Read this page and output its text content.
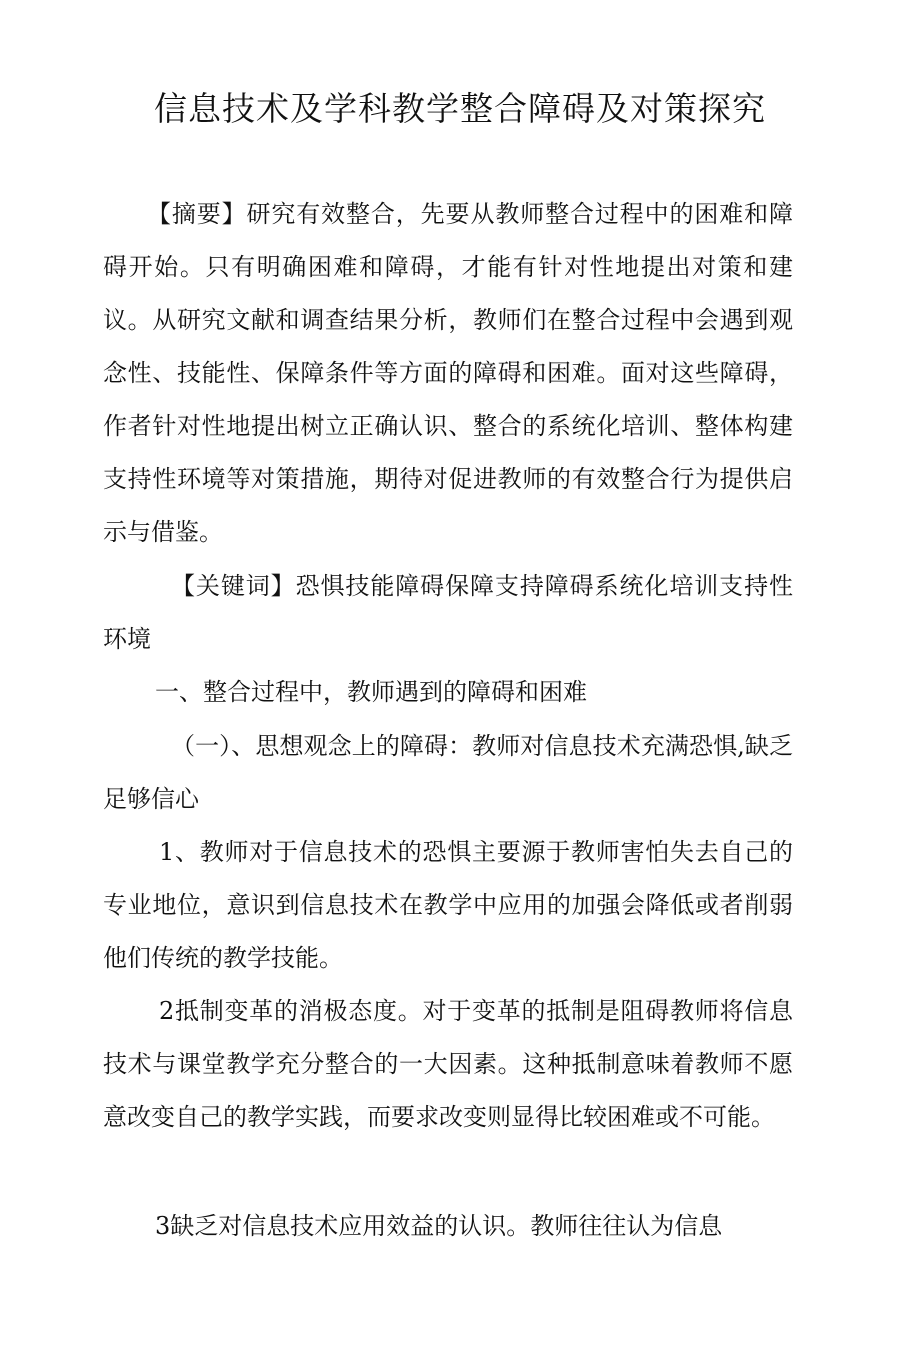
信息技术及学科教学整合障碍及对策探究

【摘要】研究有效整合，先要从教师整合过程中的困难和障碍开始。只有明确困难和障碍，才能有针对性地提出对策和建议。从研究文献和调查结果分析，教师们在整合过程中会遇到观念性、技能性、保障条件等方面的障碍和困难。面对这些障碍，作者针对性地提出树立正确认识、整合的系统化培训、整体构建支持性环境等对策措施，期待对促进教师的有效整合行为提供启示与借鉴。

【关键词】恐惧技能障碍保障支持障碍系统化培训支持性环境

一、整合过程中，教师遇到的障碍和困难

（一）、思想观念上的障碍：教师对信息技术充满恐惧,缺乏足够信心

1、教师对于信息技术的恐惧主要源于教师害怕失去自己的专业地位，意识到信息技术在教学中应用的加强会降低或者削弱他们传统的教学技能。

2抵制变革的消极态度。对于变革的抵制是阻碍教师将信息技术与课堂教学充分整合的一大因素。这种抵制意味着教师不愿意改变自己的教学实践，而要求改变则显得比较困难或不可能。

3缺乏对信息技术应用效益的认识。教师往往认为信息
